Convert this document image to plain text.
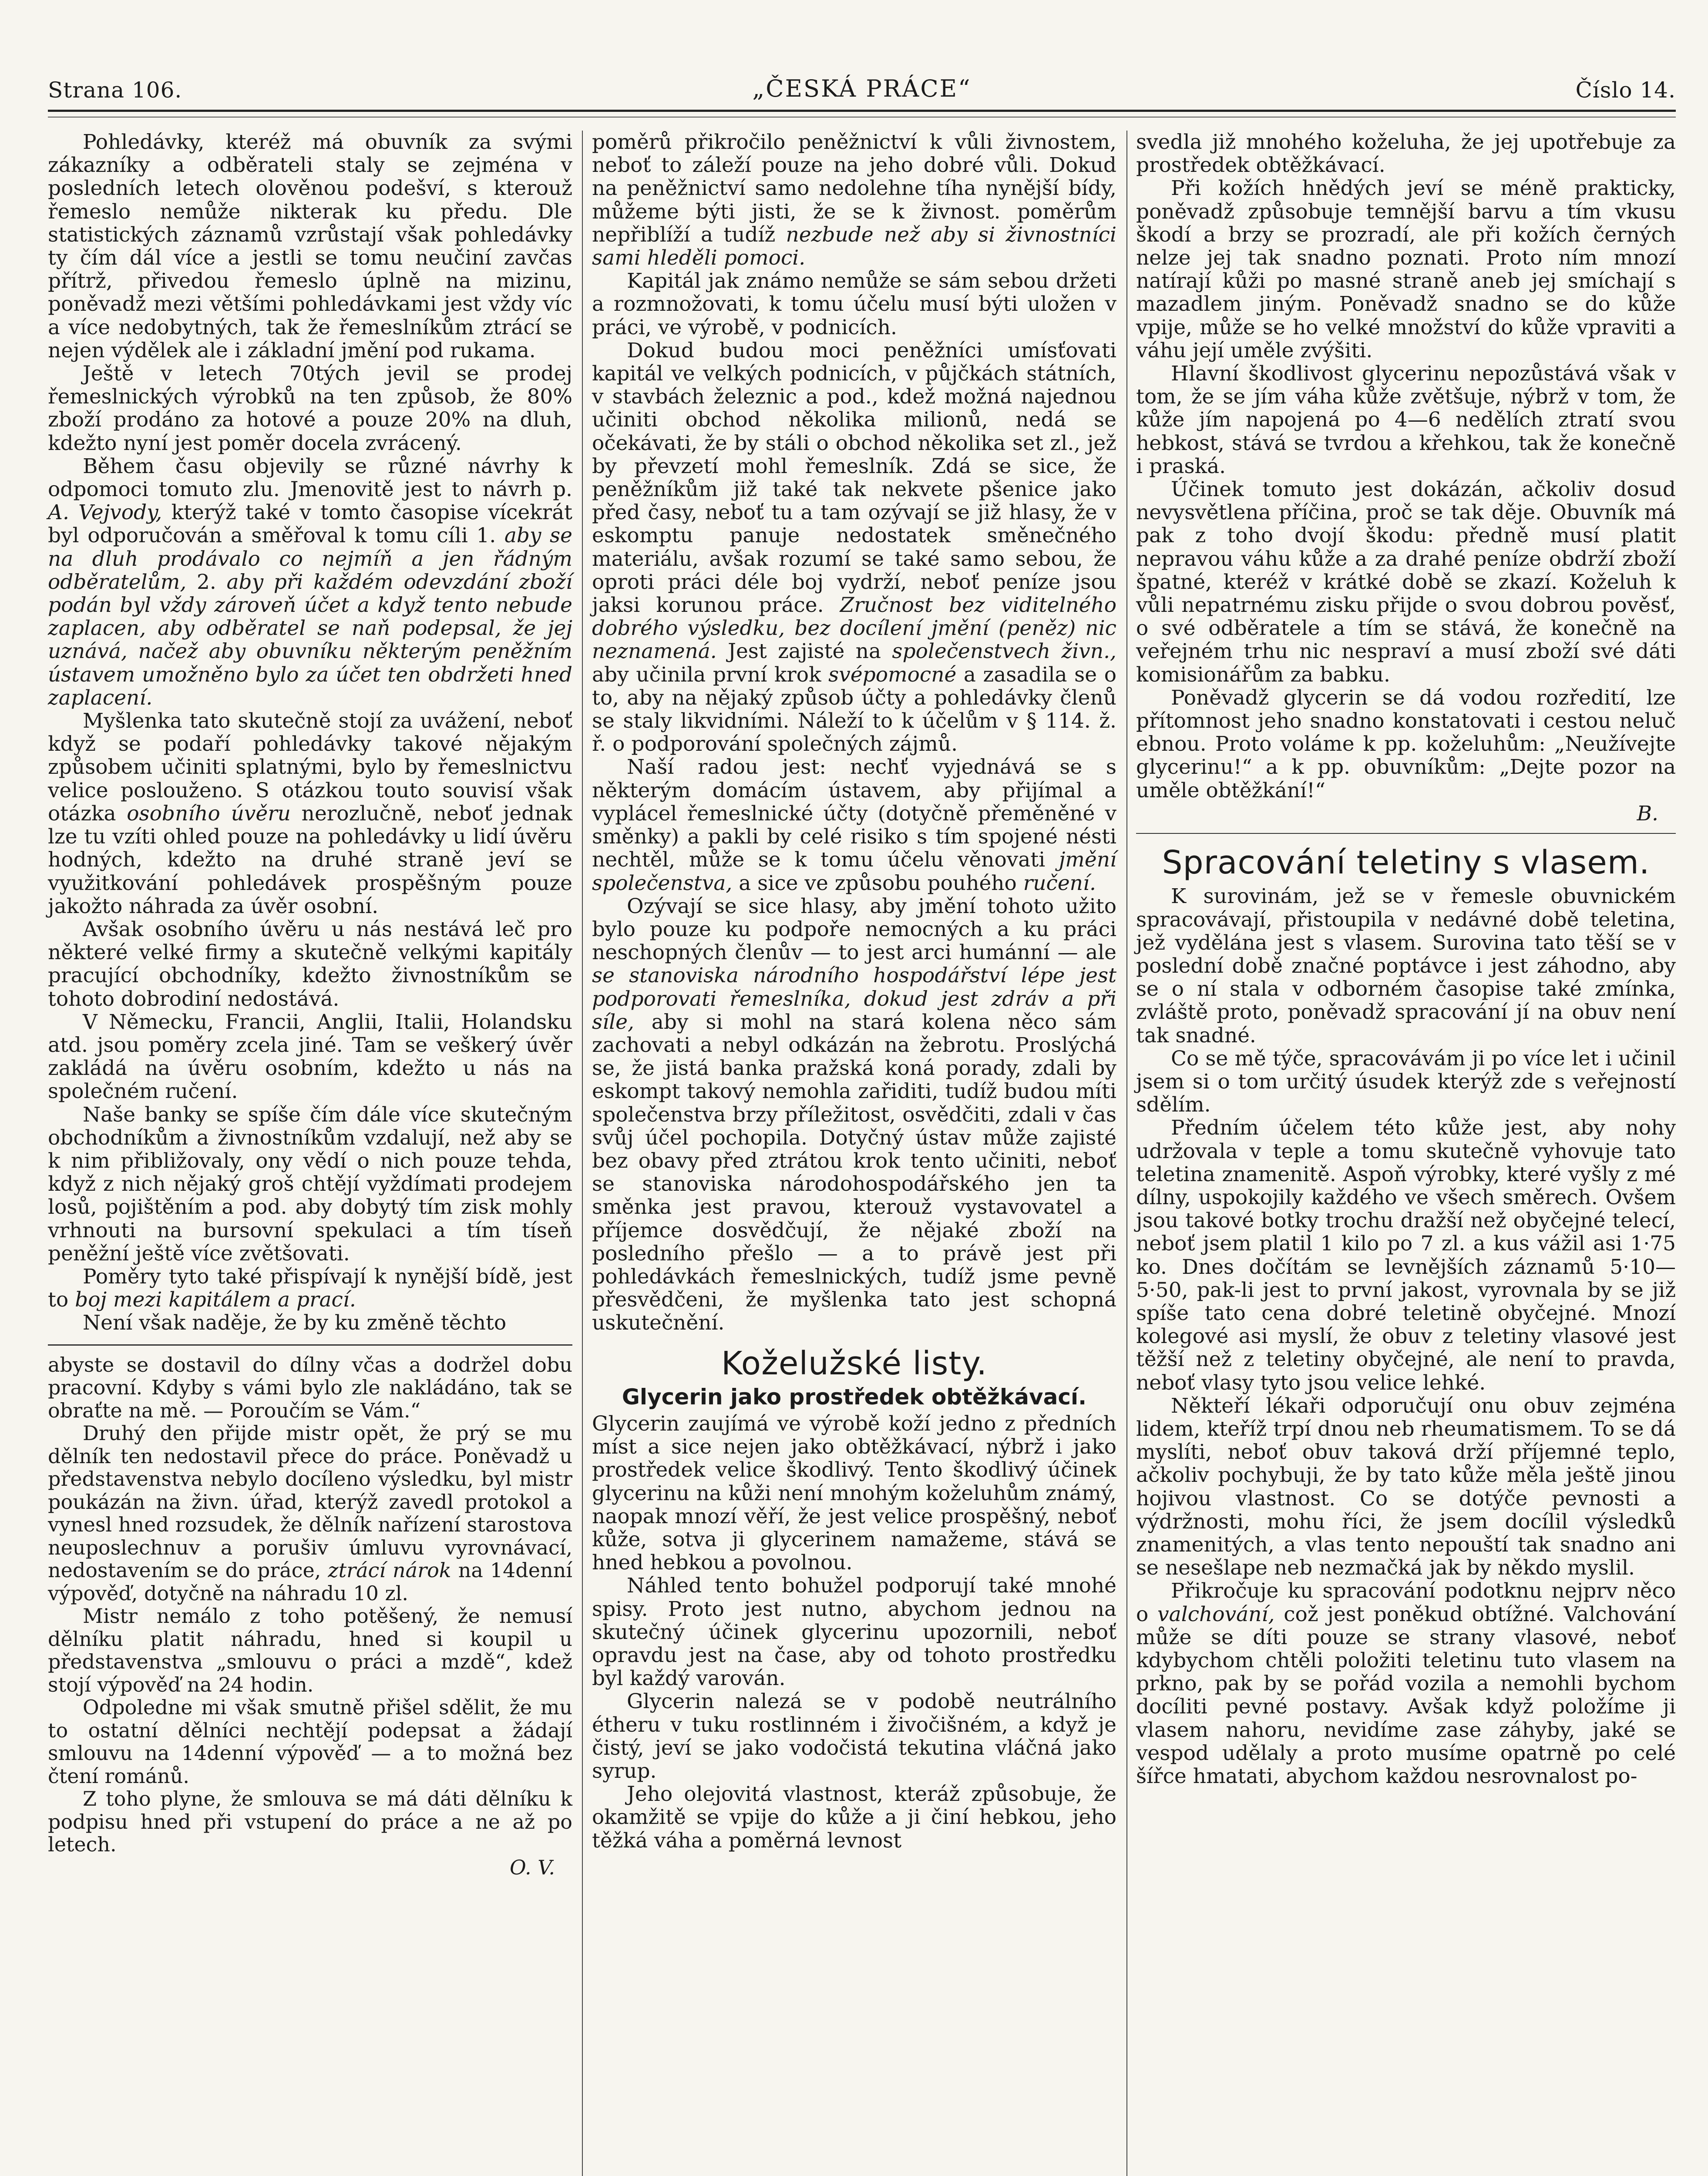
Strana 106.	„ČESKÁ PRÁCE“	Číslo 14.

Pohledávky, kteréž má obuvník za svými zákazníky a odběrateli staly se zejména v posledních letech olověnou podešví, s kterouž řemeslo nemůže nikterak ku předu. Dle statistických záznamů vzrůstají však pohledávky ty čím dál více a jestli se tomu neučiní zavčas přítrž, přivedou řemeslo úplně na mizinu, poněvadž mezi většími pohledávkami jest vždy víc a více nedobytných, tak že řemeslníkům ztrácí se nejen výdělek ale i základní jmění pod rukama.

Ještě v letech 70tých jevil se prodej řemeslnických výrobků na ten způsob, že 80% zboží prodáno za hotové a pouze 20% na dluh, kdežto nyní jest poměr docela zvrácený.

Během času objevily se různé návrhy k odpomoci tomuto zlu. Jmenovitě jest to návrh p. A. Vejvody, kterýž také v tomto časopise vícekrát byl odporučován a směřoval k tomu cíli 1. aby se na dluh prodávalo co nejmíň a jen řádným odběratelům, 2. aby při každém odevzdání zboží podán byl vždy zároveň účet a když tento nebude zaplacen, aby odběratel se naň podepsal, že jej uznává, načež aby obuvníku některým peněžním ústavem umožněno bylo za účet ten obdržeti hned zaplacení.

Myšlenka tato skutečně stojí za uvážení, neboť když se podaří pohledávky takové nějakým způsobem učiniti splatnými, bylo by řemeslnictvu velice poslouženo. S otázkou touto souvisí však otázka osobního úvěru nerozlučně, neboť jednak lze tu vzíti ohled pouze na pohledávky u lidí úvěru hodných, kdežto na druhé straně jeví se využitkování pohledávek prospěšným pouze jakožto náhrada za úvěr osobní.

Avšak osobního úvěru u nás nestává leč pro některé velké firmy a skutečně velkými kapitály pracující obchodníky, kdežto živnostníkům se tohoto dobrodiní nedostává.

V Německu, Francii, Anglii, Italii, Holandsku atd. jsou poměry zcela jiné. Tam se veškerý úvěr zakládá na úvěru osobním, kdežto u nás na společném ručení.

Naše banky se spíše čím dále více skutečným obchodníkům a živnostníkům vzdalují, než aby se k nim přibližovaly, ony vědí o nich pouze tehda, když z nich nějaký groš chtějí vyždímati prodejem losů, pojištěním a pod. aby dobytý tím zisk mohly vrhnouti na bursovní spekulaci a tím tíseň peněžní ještě více zvětšovati.

Poměry tyto také přispívají k nynější bídě, jest to boj mezi kapitálem a prací.

Není však naděje, že by ku změně těchto

abyste se dostavil do dílny včas a dodržel dobu pracovní. Kdyby s vámi bylo zle nakládáno, tak se obraťte na mě. — Poroučím se Vám.“

Druhý den přijde mistr opět, že prý se mu dělník ten nedostavil přece do práce. Poněvadž u představenstva nebylo docíleno výsledku, byl mistr poukázán na živn. úřad, kterýž zavedl protokol a vynesl hned rozsudek, že dělník nařízení starostova neuposlechnuv a porušiv úmluvu vyrovnávací, nedostavením se do práce, ztrácí nárok na 14denní výpověď, dotyčně na náhradu 10 zl.

Mistr nemálo z toho potěšený, že nemusí dělníku platit náhradu, hned si koupil u představenstva „smlouvu o práci a mzdě“, kdež stojí výpověď na 24 hodin.

Odpoledne mi však smutně přišel sdělit, že mu to ostatní dělníci nechtějí podepsat a žádají smlouvu na 14denní výpověď — a to možná bez čtení románů.

Z toho plyne, že smlouva se má dáti dělníku k podpisu hned při vstupení do práce a ne až po letech.

O. V.

poměrů přikročilo peněžnictví k vůli živnostem, neboť to záleží pouze na jeho dobré vůli. Dokud na peněžnictví samo nedolehne tíha nynější bídy, můžeme býti jisti, že se k živnost. poměrům nepřiblíží a tudíž nezbude než aby si živnostníci sami hleděli pomoci.

Kapitál jak známo nemůže se sám sebou držeti a rozmnožovati, k tomu účelu musí býti uložen v práci, ve výrobě, v podnicích.

Dokud budou moci peněžníci umísťovati kapitál ve velkých podnicích, v půjčkách státních, v stavbách železnic a pod., kdež možná najednou učiniti obchod několika milionů, nedá se očekávati, že by stáli o obchod několika set zl., jež by převzetí mohl řemeslník. Zdá se sice, že peněžníkům již také tak nekvete pšenice jako před časy, neboť tu a tam ozývají se již hlasy, že v eskomptu panuje nedostatek směnečného materiálu, avšak rozumí se také samo sebou, že oproti práci déle boj vydrží, neboť peníze jsou jaksi korunou práce. Zručnost bez viditelného dobrého výsledku, bez docílení jmění (peněz) nic neznamená. Jest zajisté na společenstvech živn., aby učinila první krok svépomocné a zasadila se o to, aby na nějaký způsob účty a pohledávky členů se staly likvidními. Náleží to k účelům v § 114. ž. ř. o podporování společných zájmů.

Naší radou jest: nechť vyjednává se s některým domácím ústavem, aby přijímal a vyplácel řemeslnické účty (dotyčně přeměněné v směnky) a pakli by celé risiko s tím spojené nésti nechtěl, může se k tomu účelu věnovati jmění společenstva, a sice ve způsobu pouhého ručení.

Ozývají se sice hlasy, aby jmění tohoto užito bylo pouze ku podpoře nemocných a ku práci neschopných členův — to jest arci humánní — ale se stanoviska národního hospodářství lépe jest podporovati řemeslníka, dokud jest zdráv a při síle, aby si mohl na stará kolena něco sám zachovati a nebyl odkázán na žebrotu. Proslýchá se, že jistá banka pražská koná porady, zdali by eskompt takový nemohla zařiditi, tudíž budou míti společenstva brzy příležitost, osvědčiti, zdali v čas svůj účel pochopila. Dotyčný ústav může zajisté bez obavy před ztrátou krok tento učiniti, neboť se stanoviska národohospodářského jen ta směnka jest pravou, kterouž vystavovatel a příjemce dosvědčují, že nějaké zboží na posledního přešlo — a to právě jest při pohledávkách řemeslnických, tudíž jsme pevně přesvědčeni, že myšlenka tato jest schopná uskutečnění.

Koželužské listy.
Glycerin jako prostředek obtěžkávací.

Glycerin zaujímá ve výrobě koží jedno z předních míst a sice nejen jako obtěžkávací, nýbrž i jako prostředek velice škodlivý. Tento škodlivý účinek glycerinu na kůži není mnohým koželuhům známý, naopak mnozí věří, že jest velice prospěšný, neboť kůže, sotva ji glycerinem namažeme, stává se hned hebkou a povolnou.

Náhled tento bohužel podporují také mnohé spisy. Proto jest nutno, abychom jednou na skutečný účinek glycerinu upozornili, neboť opravdu jest na čase, aby od tohoto prostředku byl každý varován.

Glycerin nalezá se v podobě neutrálního étheru v tuku rostlinném i živočišném, a když je čistý, jeví se jako vodočistá tekutina vláčná jako syrup.

Jeho olejovitá vlastnost, kteráž způsobuje, že okamžitě se vpije do kůže a ji činí hebkou, jeho těžká váha a poměrná levnost

svedla již mnohého koželuha, že jej upotřebuje za prostředek obtěžkávací.

Při kožích hnědých jeví se méně prakticky, poněvadž způsobuje temnější barvu a tím vkusu škodí a brzy se prozradí, ale při kožích černých nelze jej tak snadno poznati. Proto ním mnozí natírají kůži po masné straně aneb jej smíchají s mazadlem jiným. Poněvadž snadno se do kůže vpije, může se ho velké množství do kůže vpraviti a váhu její uměle zvýšiti.

Hlavní škodlivost glycerinu nepozůstává však v tom, že se jím váha kůže zvětšuje, nýbrž v tom, že kůže jím napojená po 4—6 nedělích ztratí svou hebkost, stává se tvrdou a křehkou, tak že konečně i praská.

Účinek tomuto jest dokázán, ačkoliv dosud nevysvětlena příčina, proč se tak děje. Obuvník má pak z toho dvojí škodu: předně musí platit nepravou váhu kůže a za drahé peníze obdrží zboží špatné, kteréž v krátké době se zkazí. Koželuh k vůli nepatrnému zisku přijde o svou dobrou pověsť, o své odběratele a tím se stává, že konečně na veřejném trhu nic nespraví a musí zboží své dáti komisionářům za babku.

Poněvadž glycerin se dá vodou rozředití, lze přítomnost jeho snadno konstatovati i cestou neluč ebnou. Proto voláme k pp. koželuhům: „Neužívejte glycerinu!“ a k pp. obuvníkům: „Dejte pozor na uměle obtěžkání!“

B.
Spracování teletiny s vlasem.

K surovinám, jež se v řemesle obuvnickém spracovávají, přistoupila v nedávné době teletina, jež vydělána jest s vlasem. Surovina tato těší se v poslední době značné poptávce i jest záhodno, aby se o ní stala v odborném časopise také zmínka, zvláště proto, poněvadž spracování jí na obuv není tak snadné.

Co se mě týče, spracovávám ji po více let i učinil jsem si o tom určitý úsudek kterýž zde s veřejností sdělím.

Předním účelem této kůže jest, aby nohy udržovala v teple a tomu skutečně vyhovuje tato teletina znamenitě. Aspoň výrobky, které vyšly z mé dílny, uspokojily každého ve všech směrech. Ovšem jsou takové botky trochu dražší než obyčejné telecí, neboť jsem platil 1 kilo po 7 zl. a kus vážil asi 1·75 ko. Dnes dočítám se levnějších záznamů 5·10—5·50, pak-li jest to první jakost, vyrovnala by se již spíše tato cena dobré teletině obyčejné. Mnozí kolegové asi myslí, že obuv z teletiny vlasové jest těžší než z teletiny obyčejné, ale není to pravda, neboť vlasy tyto jsou velice lehké.

Někteří lékaři odporučují onu obuv zejména lidem, kteříž trpí dnou neb rheumatismem. To se dá myslíti, neboť obuv taková drží příjemné teplo, ačkoliv pochybuji, že by tato kůže měla ještě jinou hojivou vlastnost. Co se dotýče pevnosti a výdržnosti, mohu říci, že jsem docílil výsledků znamenitých, a vlas tento nepouští tak snadno ani se nesešlape neb nezmačká jak by někdo myslil.

Přikročuje ku spracování podotknu nejprv něco o valchování, což jest poněkud obtížné. Valchování může se díti pouze se strany vlasové, neboť kdybychom chtěli položiti teletinu tuto vlasem na prkno, pak by se pořád vozila a nemohli bychom docíliti pevné postavy. Avšak když položíme ji vlasem nahoru, nevidíme zase záhyby, jaké se vespod udělaly a proto musíme opatrně po celé šířce hmatati, abychom každou nesrovnalost po-
